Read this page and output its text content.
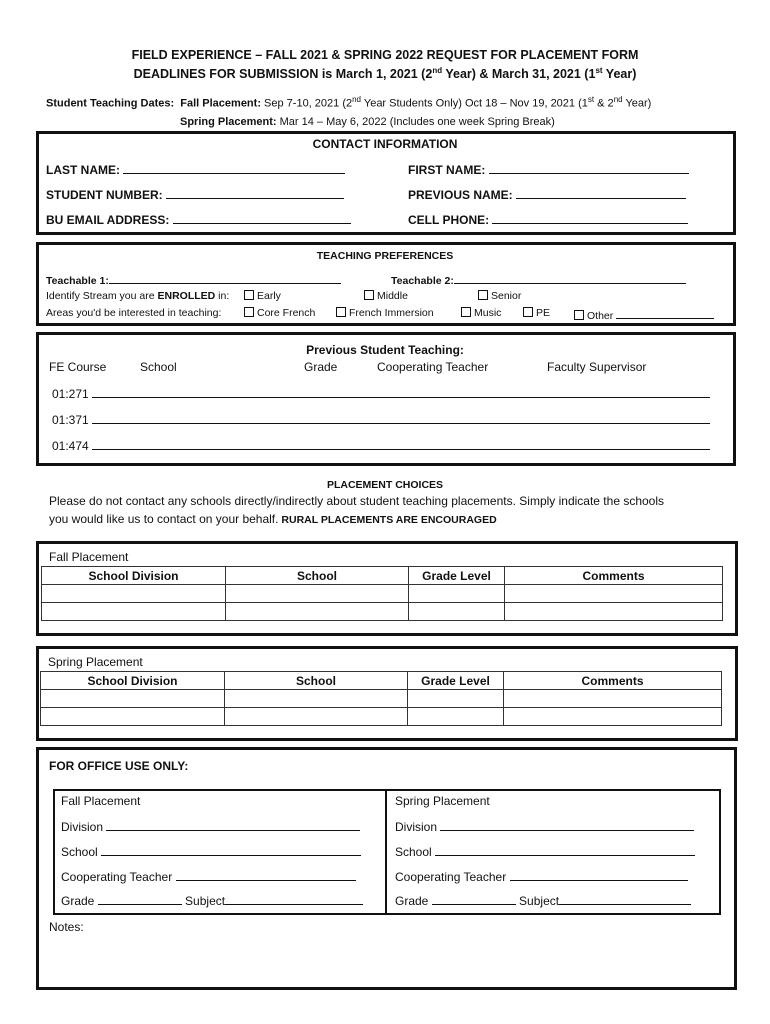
FIELD EXPERIENCE – FALL 2021 & SPRING 2022 REQUEST FOR PLACEMENT FORM
DEADLINES FOR SUBMISSION is March 1, 2021 (2nd Year) & March 31, 2021 (1st Year)
Student Teaching Dates: Fall Placement: Sep 7-10, 2021 (2nd Year Students Only) Oct 18 – Nov 19, 2021 (1st & 2nd Year)
Spring Placement: Mar 14 – May 6, 2022 (Includes one week Spring Break)
CONTACT INFORMATION
LAST NAME:	FIRST NAME:
STUDENT NUMBER:	PREVIOUS NAME:
BU EMAIL ADDRESS:	CELL PHONE:
TEACHING PREFERENCES
Teachable 1:	Teachable 2:
Identify Stream you are ENROLLED in:	Early	Middle	Senior
Areas you'd be interested in teaching:	Core French	French Immersion	Music	PE	Other
Previous Student Teaching:
FE Course	School	Grade	Cooperating Teacher	Faculty Supervisor
01:271
01:371
01:474
PLACEMENT CHOICES
Please do not contact any schools directly/indirectly about student teaching placements. Simply indicate the schools
you would like us to contact on your behalf. RURAL PLACEMENTS ARE ENCOURAGED
Fall Placement
School Division	School	Grade Level	Comments

Spring Placement
School Division	School	Grade Level	Comments

FOR OFFICE USE ONLY:
Fall Placement
Division
School
Cooperating Teacher
Grade	Subject
Spring Placement
Division
School
Cooperating Teacher
Grade	Subject
Notes:
